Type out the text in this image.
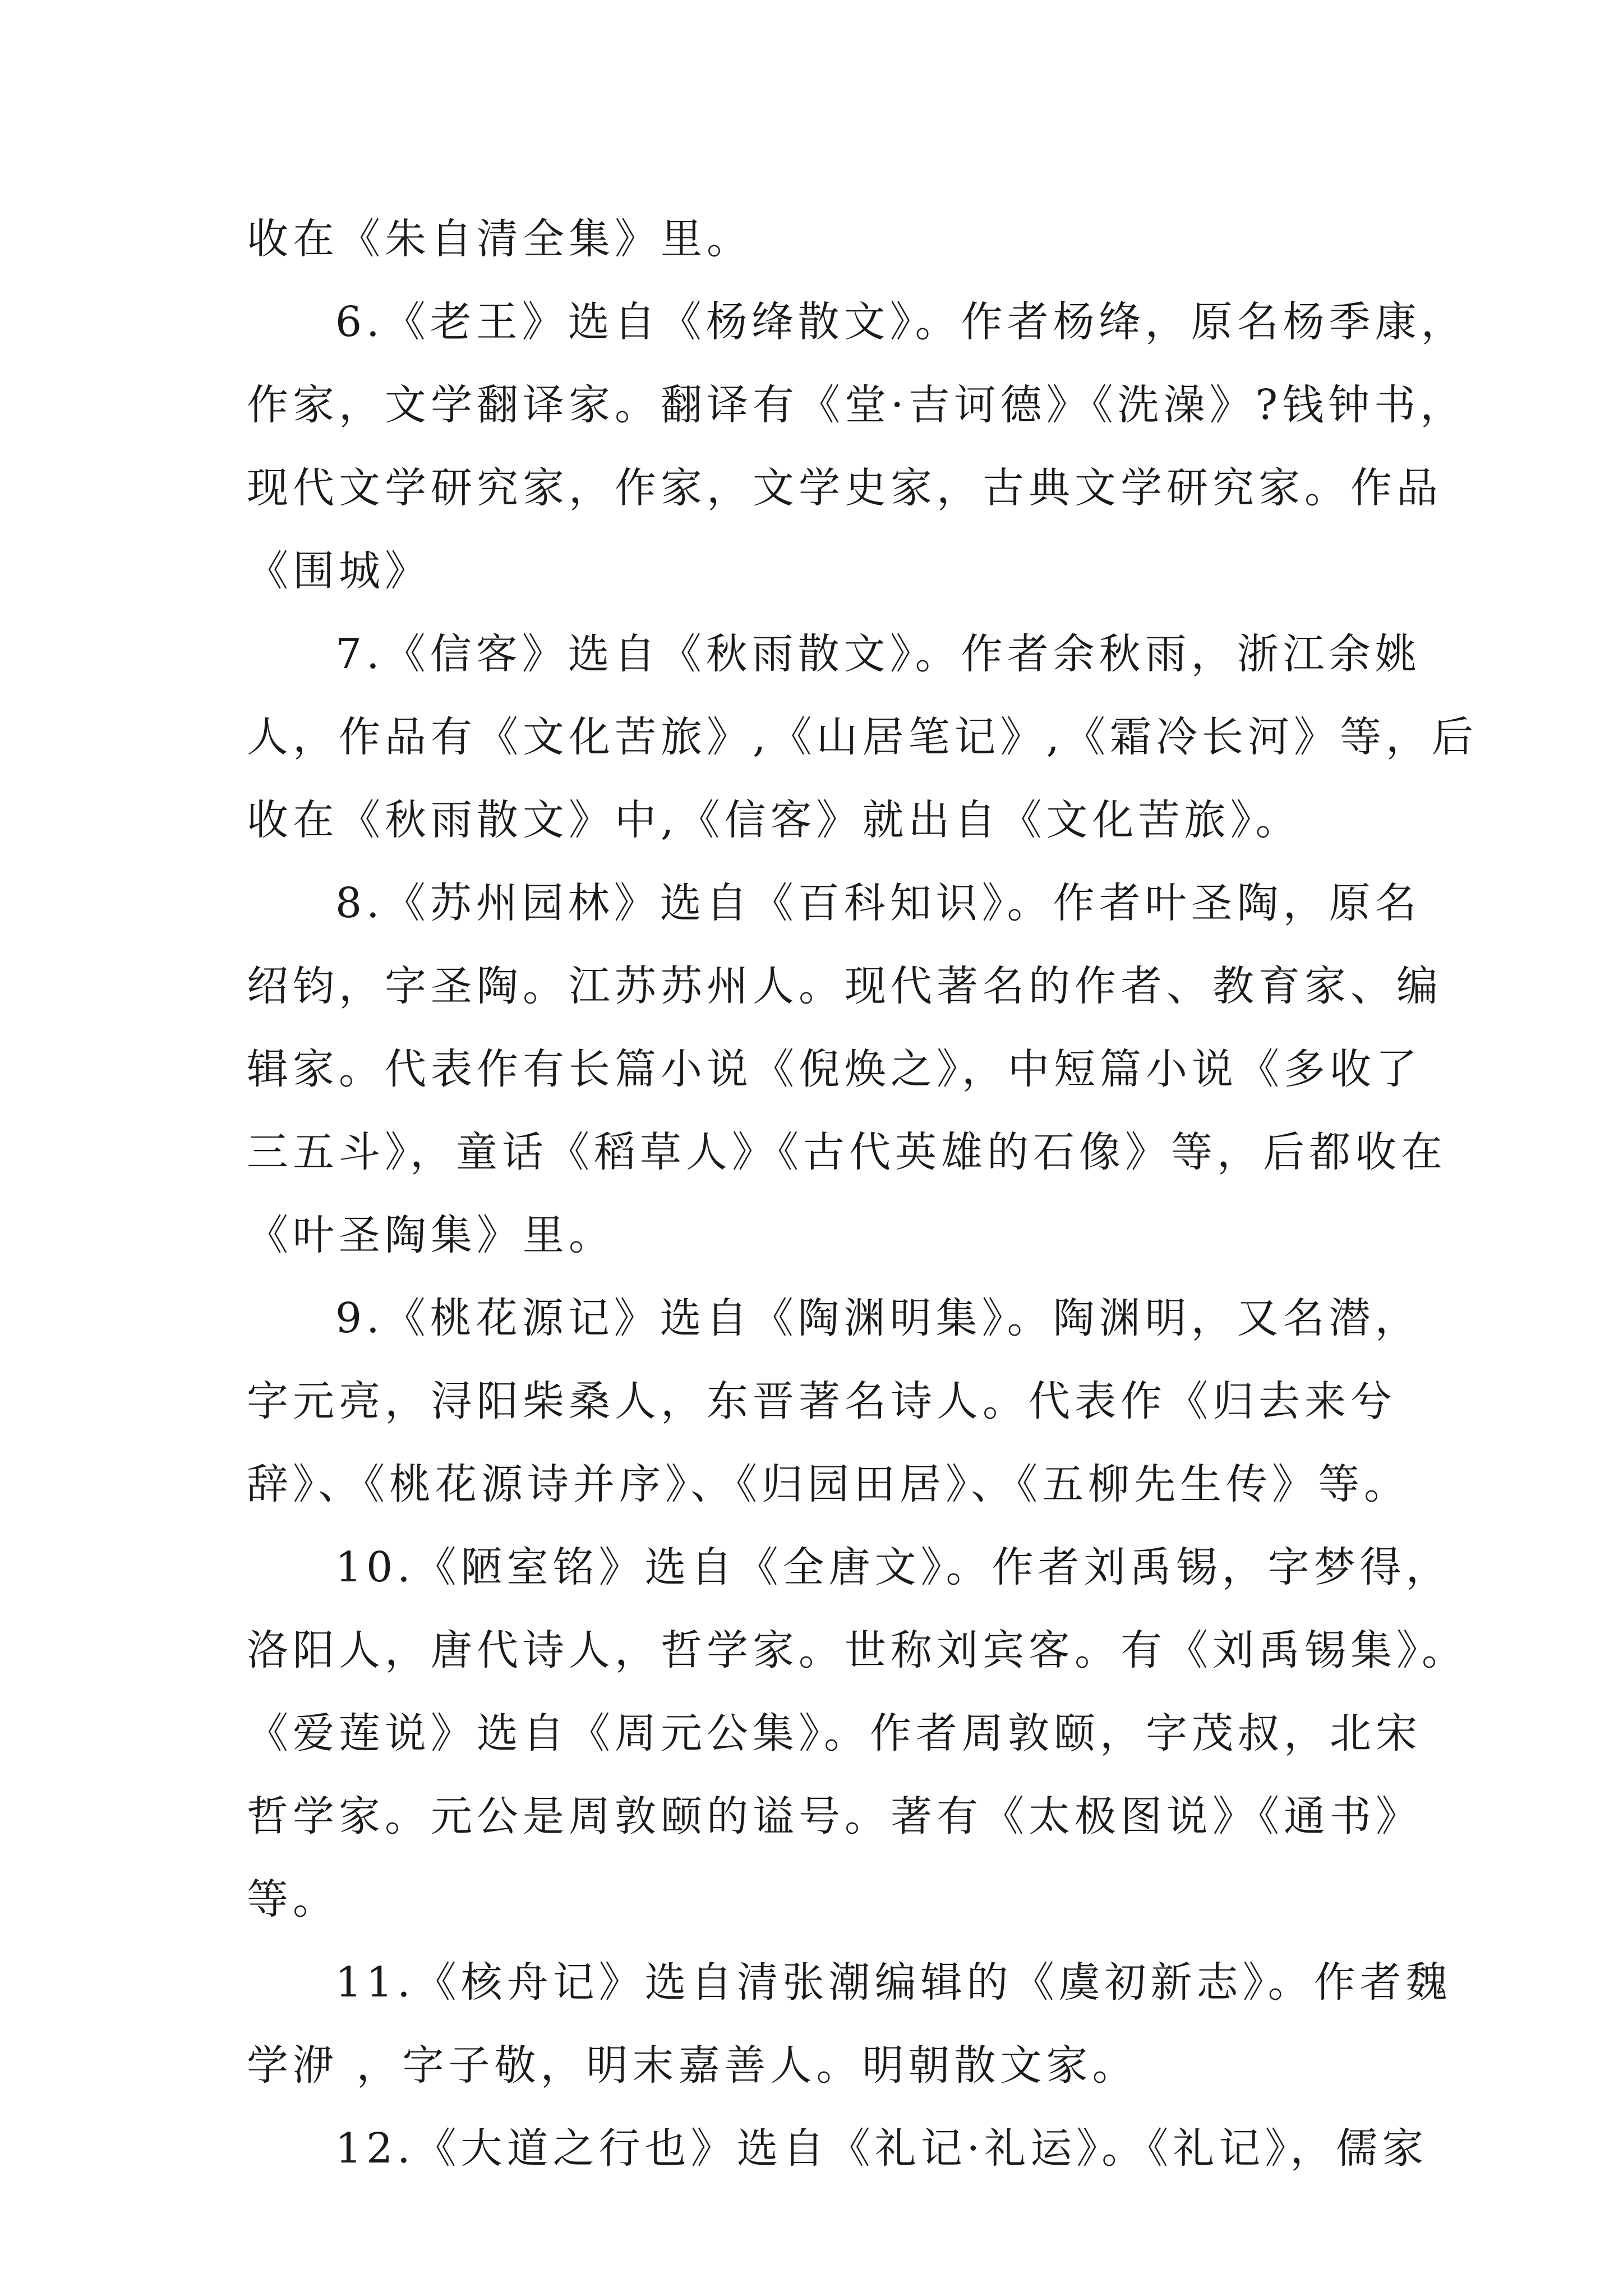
收在《朱自清全集》里。
6.《老王》选自《杨绛散文》。作者杨绛，原名杨季康，
作家，文学翻译家。翻译有《堂·吉诃德》《洗澡》?钱钟书，
现代文学研究家，作家，文学史家，古典文学研究家。作品
《围城》
7.《信客》选自《秋雨散文》。作者余秋雨，浙江余姚
人，作品有《文化苦旅》,《山居笔记》,《霜冷长河》等，后
收在《秋雨散文》中,《信客》就出自《文化苦旅》。
8.《苏州园林》选自《百科知识》。作者叶圣陶，原名
绍钧，字圣陶。江苏苏州人。现代著名的作者、教育家、编
辑家。代表作有长篇小说《倪焕之》，中短篇小说《多收了
三五斗》，童话《稻草人》《古代英雄的石像》等，后都收在
《叶圣陶集》里。
9.《桃花源记》选自《陶渊明集》。陶渊明，又名潜，
字元亮，浔阳柴桑人，东晋著名诗人。代表作《归去来兮
辞》、《桃花源诗并序》、《归园田居》、《五柳先生传》等。
10.《陋室铭》选自《全唐文》。作者刘禹锡，字梦得，
洛阳人，唐代诗人，哲学家。世称刘宾客。有《刘禹锡集》。
《爱莲说》选自《周元公集》。作者周敦颐，字茂叔，北宋
哲学家。元公是周敦颐的谥号。著有《太极图说》《通书》
等。
11.《核舟记》选自清张潮编辑的《虞初新志》。作者魏
学洢 ，字子敬，明末嘉善人。明朝散文家。
12.《大道之行也》选自《礼记·礼运》。《礼记》，儒家
